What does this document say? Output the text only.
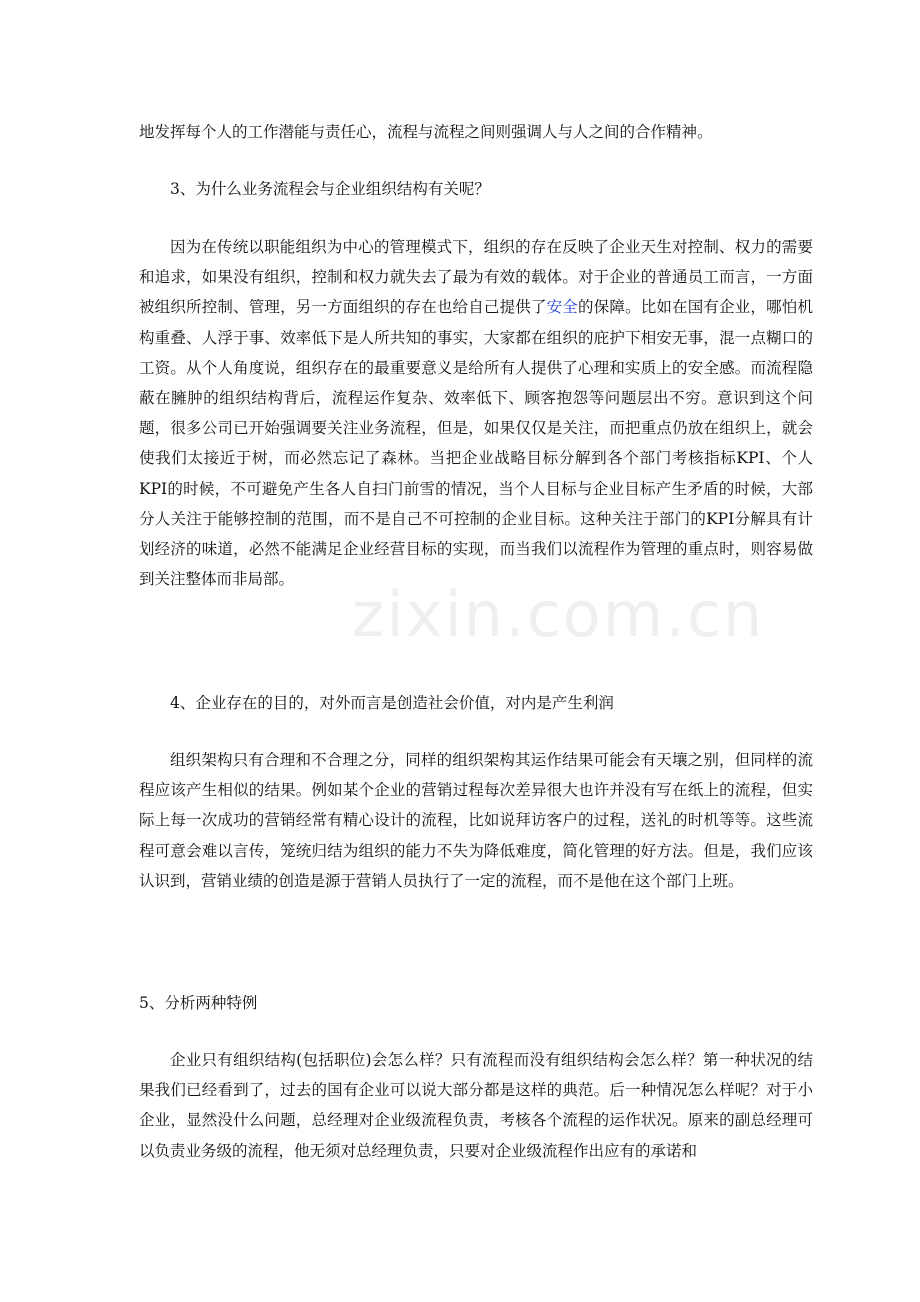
zixin.com.cn

地发挥每个人的工作潜能与责任心，流程与流程之间则强调人与人之间的合作精神。

3、为什么业务流程会与企业组织结构有关呢？

因为在传统以职能组织为中心的管理模式下，组织的存在反映了企业天生对控制、权力的需要和追求，如果没有组织，控制和权力就失去了最为有效的载体。对于企业的普通员工而言，一方面被组织所控制、管理，另一方面组织的存在也给自己提供了安全的保障。比如在国有企业，哪怕机构重叠、人浮于事、效率低下是人所共知的事实，大家都在组织的庇护下相安无事，混一点糊口的工资。从个人角度说，组织存在的最重要意义是给所有人提供了心理和实质上的安全感。而流程隐蔽在臃肿的组织结构背后，流程运作复杂、效率低下、顾客抱怨等问题层出不穷。意识到这个问题，很多公司已开始强调要关注业务流程，但是，如果仅仅是关注，而把重点仍放在组织上，就会使我们太接近于树，而必然忘记了森林。当把企业战略目标分解到各个部门考核指标KPI、个人KPI的时候，不可避免产生各人自扫门前雪的情况，当个人目标与企业目标产生矛盾的时候，大部分人关注于能够控制的范围，而不是自己不可控制的企业目标。这种关注于部门的KPI分解具有计划经济的味道，必然不能满足企业经营目标的实现，而当我们以流程作为管理的重点时，则容易做到关注整体而非局部。

4、企业存在的目的，对外而言是创造社会价值，对内是产生利润

组织架构只有合理和不合理之分，同样的组织架构其运作结果可能会有天壤之别，但同样的流程应该产生相似的结果。例如某个企业的营销过程每次差异很大也许并没有写在纸上的流程，但实际上每一次成功的营销经常有精心设计的流程，比如说拜访客户的过程，送礼的时机等等。这些流程可意会难以言传，笼统归结为组织的能力不失为降低难度，简化管理的好方法。但是，我们应该认识到，营销业绩的创造是源于营销人员执行了一定的流程，而不是他在这个部门上班。

5、分析两种特例

企业只有组织结构(包括职位)会怎么样？只有流程而没有组织结构会怎么样？第一种状况的结果我们已经看到了，过去的国有企业可以说大部分都是这样的典范。后一种情况怎么样呢？对于小企业，显然没什么问题，总经理对企业级流程负责，考核各个流程的运作状况。原来的副总经理可以负责业务级的流程，他无须对总经理负责，只要对企业级流程作出应有的承诺和
